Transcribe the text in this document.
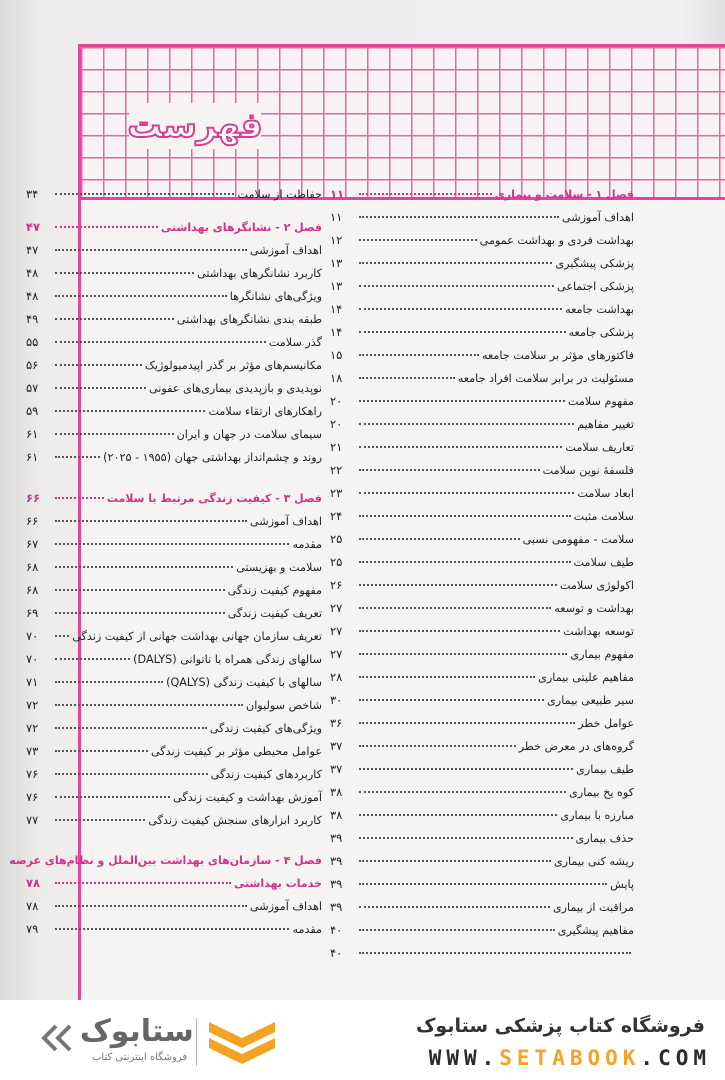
فهرست
فصل ۱ - سلامت و بیماری
۱۱
اهداف آموزشی
۱۱
بهداشت فردی و بهداشت عمومی
۱۲
پزشکی پیشگیری
۱۳
پزشکی اجتماعی
۱۳
بهداشت جامعه
۱۴
پزشکی جامعه
۱۴
فاکتورهای مؤثر بر سلامت جامعه
۱۵
مسئولیت در برابر سلامت افراد جامعه
۱۸
مفهوم سلامت
۲۰
تغییر مفاهیم
۲۰
تعاریف سلامت
۲۱
فلسفهٔ نوین سلامت
۲۲
ابعاد سلامت
۲۳
سلامت مثبت
۲۴
سلامت - مفهومی نسبی
۲۵
طیف سلامت
۲۵
اکولوژی سلامت
۲۶
بهداشت و توسعه
۲۷
توسعه بهداشت
۲۷
مفهوم بیماری
۲۷
مفاهیم علیتی بیماری
۲۸
سیر طبیعی بیماری
۳۰
عوامل خطر
۳۶
گروه‌های در معرض خطر
۳۷
طیف بیماری
۳۷
کوه یخ بیماری
۳۸
مبارزه با بیماری
۳۸
حذف بیماری
۳۹
ریشه کنی بیماری
۳۹
پایش
۳۹
مراقبت از بیماری
۳۹
مفاهیم پیشگیری
۴۰
۴۰
حفاظت از سلامت
۳۴
فصل ۲ - نشانگرهای بهداشتی
۴۷
اهداف آموزشی
۴۷
کاربرد نشانگرهای بهداشتی
۴۸
ویژگی‌های نشانگرها
۴۸
طبقه بندی نشانگرهای بهداشتی
۴۹
گذر سلامت
۵۵
مکانیسم‌های مؤثر بر گذر اپیدمیولوژیک
۵۶
نوپدیدی و بازپدیدی بیماری‌های عفونی
۵۷
راهکارهای ارتقاء سلامت
۵۹
سیمای سلامت در جهان و ایران
۶۱
روند و چشم‌انداز بهداشتی جهان (۱۹۵۵ - ۲۰۲۵)
۶۱
فصل ۳ - کیفیت زندگی مرتبط با سلامت
۶۶
اهداف آموزشی
۶۶
مقدمه
۶۷
سلامت و بهزیستی
۶۸
مفهوم کیفیت زندگی
۶۸
تعریف کیفیت زندگی
۶۹
تعریف سازمان جهانی بهداشت جهانی از کیفیت زندگی
۷۰
سالهای زندگی همراه با ناتوانی (DALYS)
۷۰
سالهای با کیفیت زندگی (QALYS)
۷۱
شاخص سولیوان
۷۲
ویژگی‌های کیفیت زندگی
۷۲
عوامل محیطی مؤثر بر کیفیت زندگی
۷۳
کاربردهای کیفیت زندگی
۷۶
آموزش بهداشت و کیفیت زندگی
۷۶
کاربرد ابزارهای سنجش کیفیت زندگی
۷۷
فصل ۴ - سازمان‌های بهداشت بین‌الملل و نظام‌های عرضه
خدمات بهداشتی
۷۸
اهداف آموزشی
۷۸
مقدمه
۷۹
ستابوک
فروشگاه اینترنتی کتاب
فروشگاه کتاب پزشکی ستابوک
WWW.SETABOOK.COM
